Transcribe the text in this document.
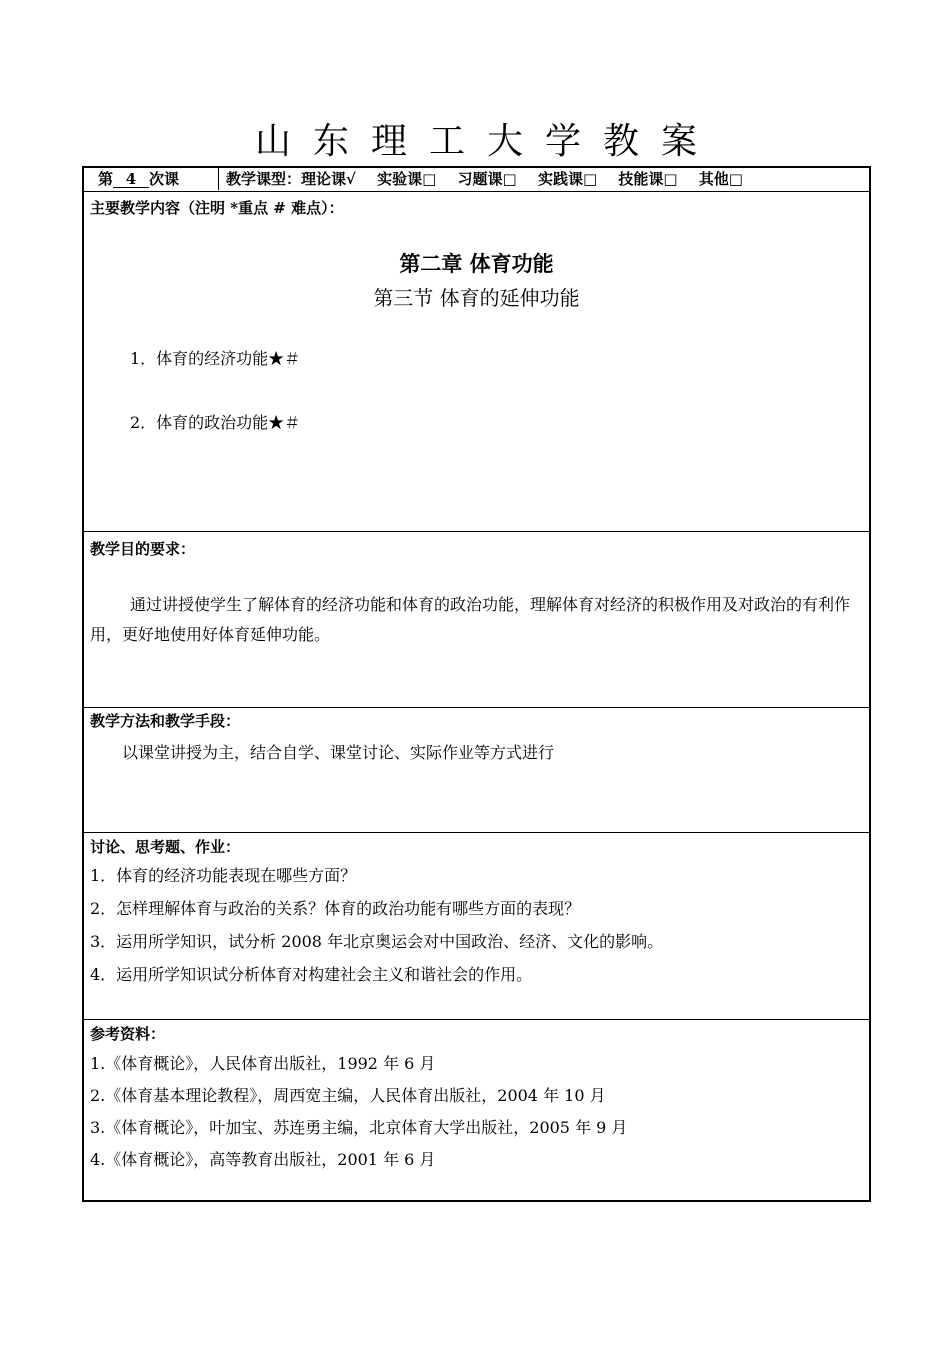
山东理工大学教案
第 4 次课	教学课型：理论课√ 实验课□ 习题课□ 实践课□ 技能课□ 其他□
主要教学内容（注明 *重点 # 难点）：
第二章 体育功能
第三节 体育的延伸功能
1．体育的经济功能★＃
2．体育的政治功能★＃
教学目的要求：
通过讲授使学生了解体育的经济功能和体育的政治功能，理解体育对经济的积极作用及对政治的有利作用，更好地使用好体育延伸功能。
教学方法和教学手段：
以课堂讲授为主，结合自学、课堂讨论、实际作业等方式进行
讨论、思考题、作业：
1．体育的经济功能表现在哪些方面？
2．怎样理解体育与政治的关系？体育的政治功能有哪些方面的表现？
3．运用所学知识，试分析 2008 年北京奥运会对中国政治、经济、文化的影响。
4．运用所学知识试分析体育对构建社会主义和谐社会的作用。
参考资料：
1.《体育概论》，人民体育出版社，1992 年 6 月
2.《体育基本理论教程》，周西宽主编，人民体育出版社，2004 年 10 月
3.《体育概论》，叶加宝、苏连勇主编，北京体育大学出版社，2005 年 9 月
4.《体育概论》，高等教育出版社，2001 年 6 月
